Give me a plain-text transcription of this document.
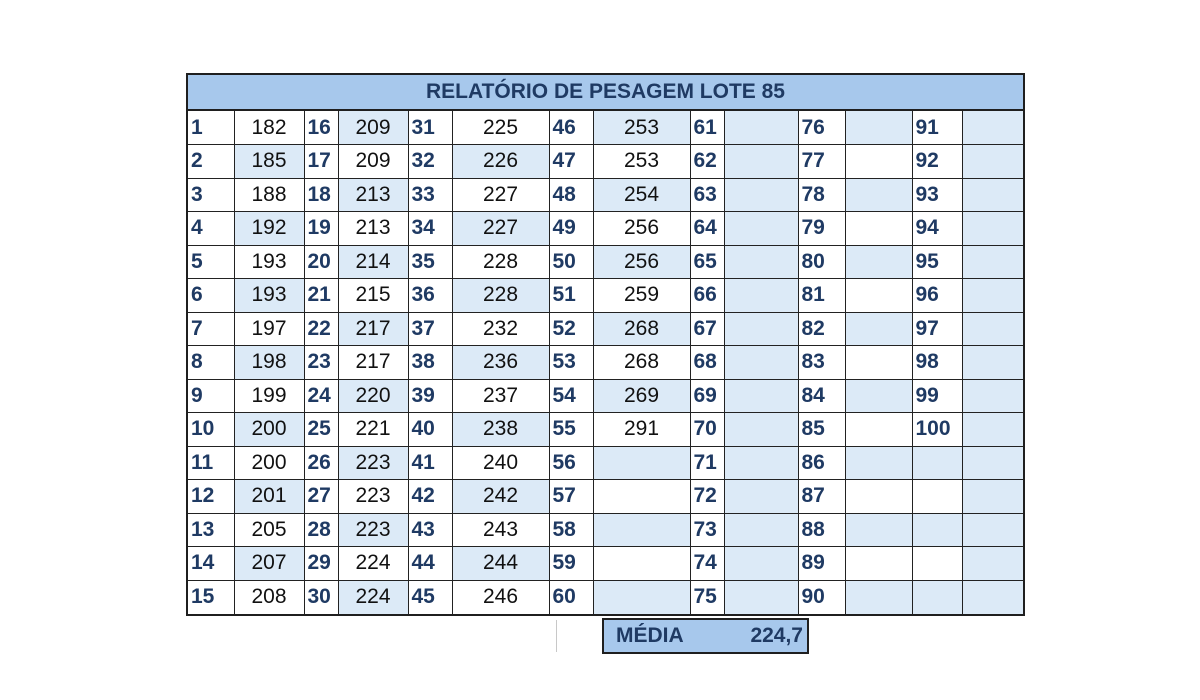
RELATÓRIO DE PESAGEM LOTE 85
1	182	16	209	31	225	46	253	61		76		91	
2	185	17	209	32	226	47	253	62		77		92	
3	188	18	213	33	227	48	254	63		78		93	
4	192	19	213	34	227	49	256	64		79		94	
5	193	20	214	35	228	50	256	65		80		95	
6	193	21	215	36	228	51	259	66		81		96	
7	197	22	217	37	232	52	268	67		82		97	
8	198	23	217	38	236	53	268	68		83		98	
9	199	24	220	39	237	54	269	69		84		99	
10	200	25	221	40	238	55	291	70		85		100	
11	200	26	223	41	240	56		71		86			
12	201	27	223	42	242	57		72		87			
13	205	28	223	43	243	58		73		88			
14	207	29	224	44	244	59		74		89			
15	208	30	224	45	246	60		75		90			
MÉDIA	224,7
